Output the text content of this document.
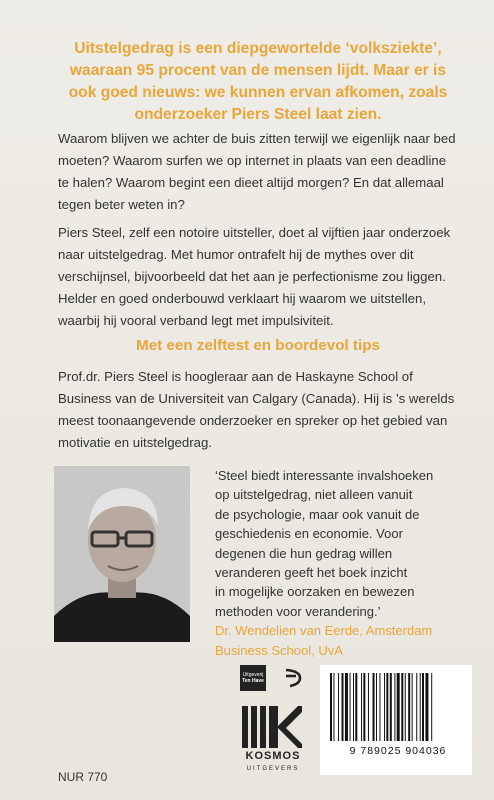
Uitstelgedrag is een diepgewortelde ‘volksziekte’,
waaraan 95 procent van de mensen lijdt. Maar er is
ook goed nieuws: we kunnen ervan afkomen, zoals
onderzoeker Piers Steel laat zien.

Waarom blijven we achter de buis zitten terwijl we eigenlijk naar bed moeten? Waarom surfen we op internet in plaats van een deadline te halen? Waarom begint een dieet altijd morgen? En dat allemaal tegen beter weten in?

Piers Steel, zelf een notoire uitsteller, doet al vijftien jaar onderzoek naar uitstelgedrag. Met humor ontrafelt hij de mythes over dit verschijnsel, bijvoorbeeld dat het aan je perfectionisme zou liggen. Helder en goed onderbouwd verklaart hij waarom we uitstellen, waarbij hij vooral verband legt met impulsiviteit.

Met een zelftest en boordevol tips

Prof.dr. Piers Steel is hoogleraar aan de Haskayne School of Business van de Universiteit van Calgary (Canada). Hij is ’s werelds meest toonaangevende onderzoeker en spreker op het gebied van motivatie en uitstelgedrag.

‘Steel biedt interessante invalshoeken
op uitstelgedrag, niet alleen vanuit
de psychologie, maar ook vanuit de
geschiedenis en economie. Voor
degenen die hun gedrag willen
veranderen geeft het boek inzicht
in mogelijke oorzaken en bewezen
methoden voor verandering.’
Dr. Wendelien van Eerde, Amsterdam
Business School, UvA
Uitgeverij
Ten Have
KOSMOS
UITGEVERS
9 789025 904036
NUR 770
